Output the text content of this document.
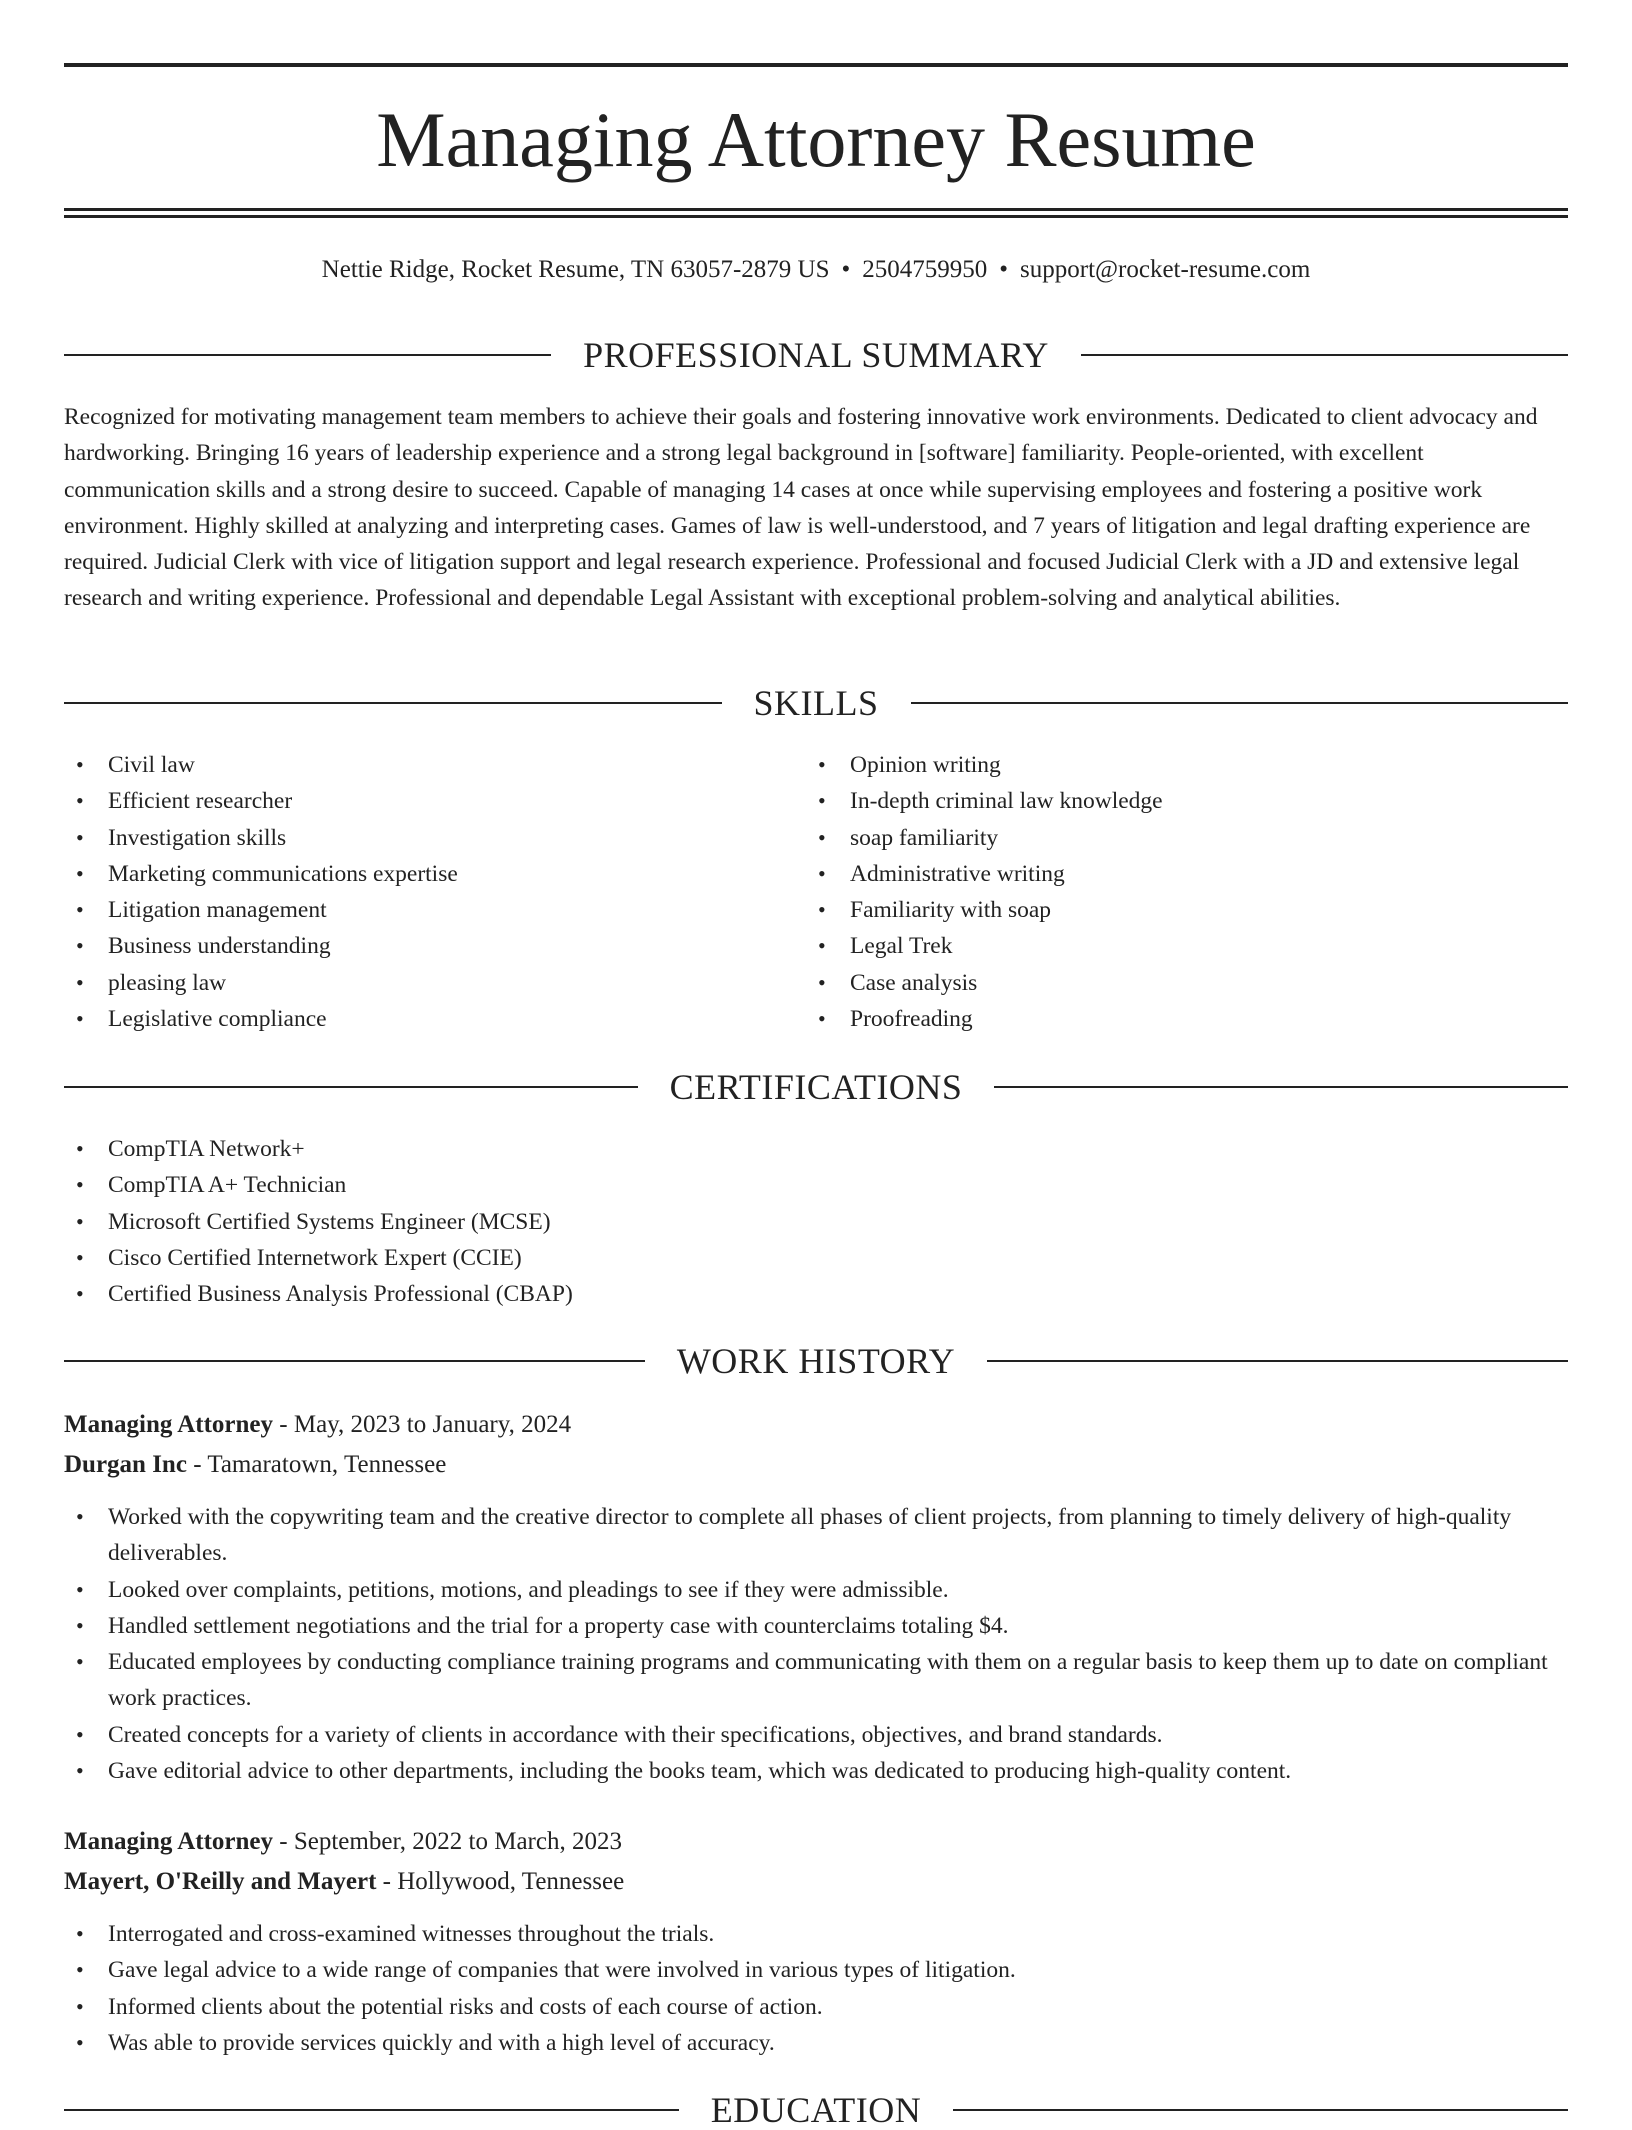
Managing Attorney Resume
Nettie Ridge, Rocket Resume, TN 63057-2879 US • 2504759950 • support@rocket-resume.com
PROFESSIONAL SUMMARY

Recognized for motivating management team members to achieve their goals and fostering innovative work environments. Dedicated to client advocacy and hardworking. Bringing 16 years of leadership experience and a strong legal background in [software] familiarity. People-oriented, with excellent communication skills and a strong desire to succeed. Capable of managing 14 cases at once while supervising employees and fostering a positive work environment. Highly skilled at analyzing and interpreting cases. Games of law is well-understood, and 7 years of litigation and legal drafting experience are required. Judicial Clerk with vice of litigation support and legal research experience. Professional and focused Judicial Clerk with a JD and extensive legal research and writing experience. Professional and dependable Legal Assistant with exceptional problem-solving and analytical abilities.

SKILLS
• Civil law
• Efficient researcher
• Investigation skills
• Marketing communications expertise
• Litigation management
• Business understanding
• pleasing law
• Legislative compliance
• Opinion writing
• In-depth criminal law knowledge
• soap familiarity
• Administrative writing
• Familiarity with soap
• Legal Trek
• Case analysis
• Proofreading
CERTIFICATIONS
• CompTIA Network+
• CompTIA A+ Technician
• Microsoft Certified Systems Engineer (MCSE)
• Cisco Certified Internetwork Expert (CCIE)
• Certified Business Analysis Professional (CBAP)
WORK HISTORY
Managing Attorney - May, 2023 to January, 2024
Durgan Inc - Tamaratown, Tennessee
• Worked with the copywriting team and the creative director to complete all phases of client projects, from planning to timely delivery of high-quality deliverables.
• Looked over complaints, petitions, motions, and pleadings to see if they were admissible.
• Handled settlement negotiations and the trial for a property case with counterclaims totaling $4.
• Educated employees by conducting compliance training programs and communicating with them on a regular basis to keep them up to date on compliant work practices.
• Created concepts for a variety of clients in accordance with their specifications, objectives, and brand standards.
• Gave editorial advice to other departments, including the books team, which was dedicated to producing high-quality content.
Managing Attorney - September, 2022 to March, 2023
Mayert, O'Reilly and Mayert - Hollywood, Tennessee
• Interrogated and cross-examined witnesses throughout the trials.
• Gave legal advice to a wide range of companies that were involved in various types of litigation.
• Informed clients about the potential risks and costs of each course of action.
• Was able to provide services quickly and with a high level of accuracy.
EDUCATION
